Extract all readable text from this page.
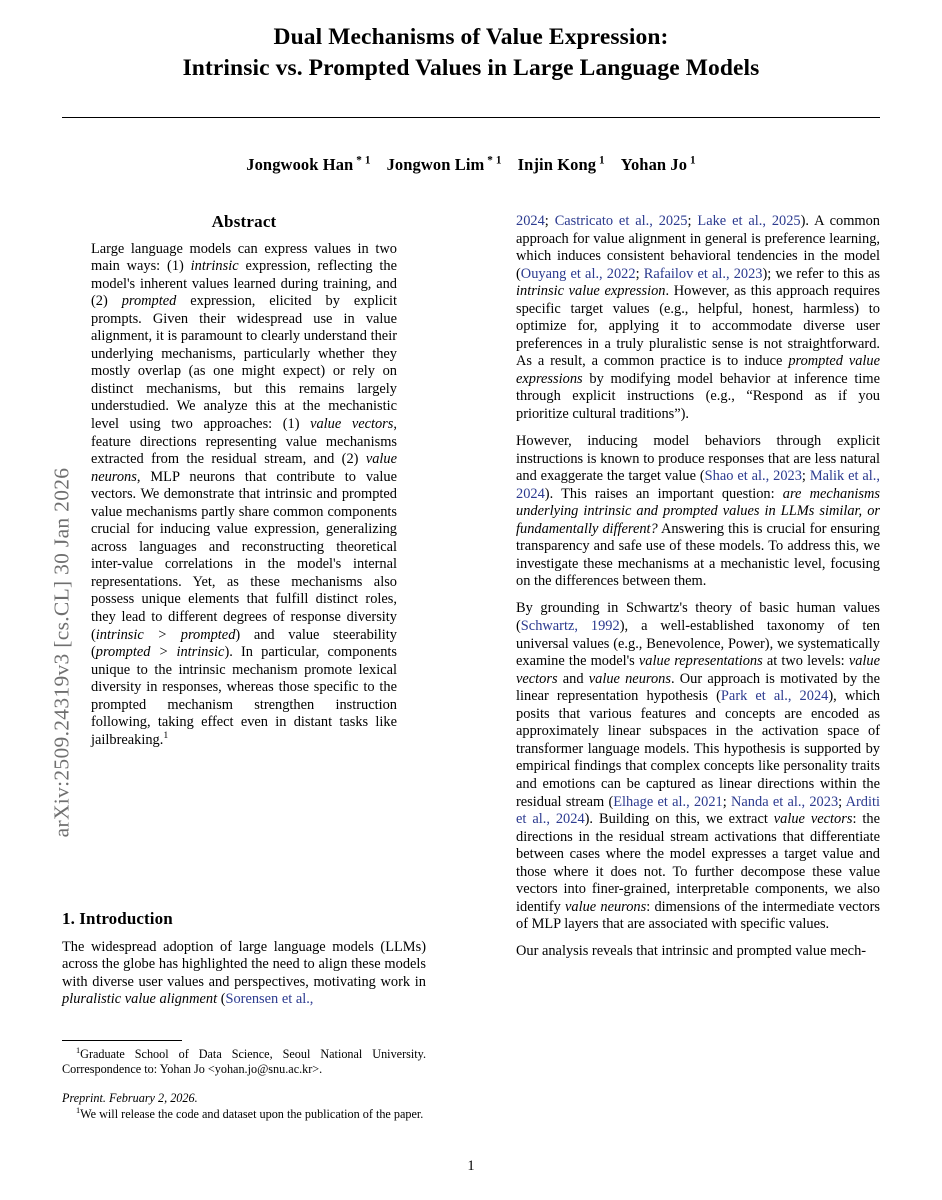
arXiv:2509.24319v3 [cs.CL] 30 Jan 2026
Dual Mechanisms of Value Expression:
Intrinsic vs. Prompted Values in Large Language Models
Jongwook Han $^{* 1}$ Jongwon Lim $^{* 1}$ Injin Kong $^1$ Yohan Jo $^1$
Abstract
Large language models can express values in two main ways: (1) intrinsic expression, reflecting the model's inherent values learned during training, and (2) prompted expression, elicited by explicit prompts. Given their widespread use in value alignment, it is paramount to clearly understand their underlying mechanisms, particularly whether they mostly overlap (as one might expect) or rely on distinct mechanisms, but this remains largely understudied. We analyze this at the mechanistic level using two approaches: (1) value vectors, feature directions representing value mechanisms extracted from the residual stream, and (2) value neurons, MLP neurons that contribute to value vectors. We demonstrate that intrinsic and prompted value mechanisms partly share common components crucial for inducing value expression, generalizing across languages and reconstructing theoretical inter-value correlations in the model's internal representations. Yet, as these mechanisms also possess unique elements that fulfill distinct roles, they lead to different degrees of response diversity (intrinsic > prompted) and value steerability (prompted > intrinsic). In particular, components unique to the intrinsic mechanism promote lexical diversity in responses, whereas those specific to the prompted mechanism strengthen instruction following, taking effect even in distant tasks like jailbreaking.$^1$
1. Introduction

The widespread adoption of large language models (LLMs) across the globe has highlighted the need to align these models with diverse user values and perspectives, motivating work in pluralistic value alignment (Sorensen et al.,

$^1$Graduate School of Data Science, Seoul National University. Correspondence to: Yohan Jo <yohan.jo@snu.ac.kr>.

Preprint. February 2, 2026.

$^1$We will release the code and dataset upon the publication of the paper.

2024; Castricato et al., 2025; Lake et al., 2025). A common approach for value alignment in general is preference learning, which induces consistent behavioral tendencies in the model (Ouyang et al., 2022; Rafailov et al., 2023); we refer to this as intrinsic value expression. However, as this approach requires specific target values (e.g., helpful, honest, harmless) to optimize for, applying it to accommodate diverse user preferences in a truly pluralistic sense is not straightforward. As a result, a common practice is to induce prompted value expressions by modifying model behavior at inference time through explicit instructions (e.g., “Respond as if you prioritize cultural traditions”).

However, inducing model behaviors through explicit instructions is known to produce responses that are less natural and exaggerate the target value (Shao et al., 2023; Malik et al., 2024). This raises an important question: are mechanisms underlying intrinsic and prompted values in LLMs similar, or fundamentally different? Answering this is crucial for ensuring transparency and safe use of these models. To address this, we investigate these mechanisms at a mechanistic level, focusing on the differences between them.

By grounding in Schwartz's theory of basic human values (Schwartz, 1992), a well-established taxonomy of ten universal values (e.g., Benevolence, Power), we systematically examine the model's value representations at two levels: value vectors and value neurons. Our approach is motivated by the linear representation hypothesis (Park et al., 2024), which posits that various features and concepts are encoded as approximately linear subspaces in the activation space of transformer language models. This hypothesis is supported by empirical findings that complex concepts like personality traits and emotions can be captured as linear directions within the residual stream (Elhage et al., 2021; Nanda et al., 2023; Arditi et al., 2024). Building on this, we extract value vectors: the directions in the residual stream activations that differentiate between cases where the model expresses a target value and those where it does not. To further decompose these value vectors into finer-grained, interpretable components, we also identify value neurons: dimensions of the intermediate vectors of MLP layers that are associated with specific values.

Our analysis reveals that intrinsic and prompted value mech-

1
